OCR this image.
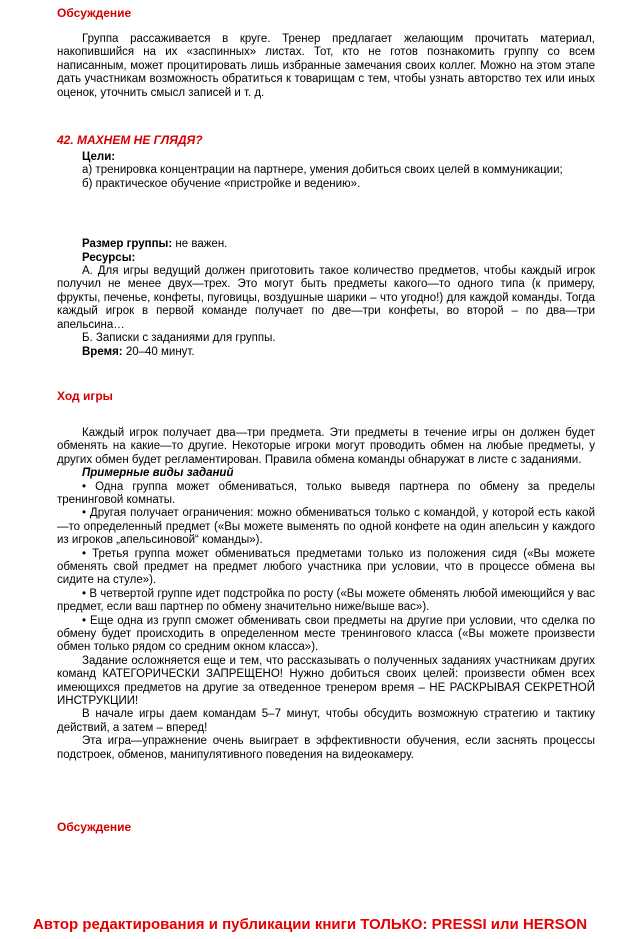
Обсуждение

Группа рассаживается в круге. Тренер предлагает желающим прочитать материал, накопившийся на их «заспинных» листах. Тот, кто не готов познакомить группу со всем написанным, может процитировать лишь избранные замечания своих коллег. Можно на этом этапе дать участникам возможность обратиться к товарищам с тем, чтобы узнать авторство тех или иных оценок, уточнить смысл записей и т. д.

42. МАХНЕМ НЕ ГЛЯДЯ?

Цели:

а) тренировка концентрации на партнере, умения добиться своих целей в коммуникации;

б) практическое обучение «пристройке и ведению».

Размер группы: не важен.

Ресурсы:

А. Для игры ведущий должен приготовить такое количество предметов, чтобы каждый игрок получил не менее двух—трех. Это могут быть предметы какого—то одного типа (к примеру, фрукты, печенье, конфеты, пуговицы, воздушные шарики – что угодно!) для каждой команды. Тогда каждый игрок в первой команде получает по две—три конфеты, во второй – по два—три апельсина…

Б. Записки с заданиями для группы.

Время: 20–40 минут.

Ход игры

Каждый игрок получает два—три предмета. Эти предметы в течение игры он должен будет обменять на какие—то другие. Некоторые игроки могут проводить обмен на любые предметы, у других обмен будет регламентирован. Правила обмена команды обнаружат в листе с заданиями.

Примерные виды заданий

• Одна группа может обмениваться, только выведя партнера по обмену за пределы тренинговой комнаты.

• Другая получает ограничения: можно обмениваться только с командой, у которой есть какой—то определенный предмет («Вы можете выменять по одной конфете на один апельсин у каждого из игроков „апельсиновой“ команды»).

• Третья группа может обмениваться предметами только из положения сидя («Вы можете обменять свой предмет на предмет любого участника при условии, что в процессе обмена вы сидите на стуле»).

• В четвертой группе идет подстройка по росту («Вы можете обменять любой имеющийся у вас предмет, если ваш партнер по обмену значительно ниже/выше вас»).

• Еще одна из групп сможет обменивать свои предметы на другие при условии, что сделка по обмену будет происходить в определенном месте тренингового класса («Вы можете произвести обмен только рядом со средним окном класса»).

Задание осложняется еще и тем, что рассказывать о полученных заданиях участникам других команд КАТЕГОРИЧЕСКИ ЗАПРЕЩЕНО! Нужно добиться своих целей: произвести обмен всех имеющихся предметов на другие за отведенное тренером время – НЕ РАСКРЫВАЯ СЕКРЕТНОЙ ИНСТРУКЦИИ!

В начале игры даем командам 5–7 минут, чтобы обсудить возможную стратегию и тактику действий, а затем – вперед!

Эта игра—упражнение очень выиграет в эффективности обучения, если заснять процессы подстроек, обменов, манипулятивного поведения на видеокамеру.

Обсуждение
Автор редактирования и публикации книги ТОЛЬКО: PRESSI или HERSON
